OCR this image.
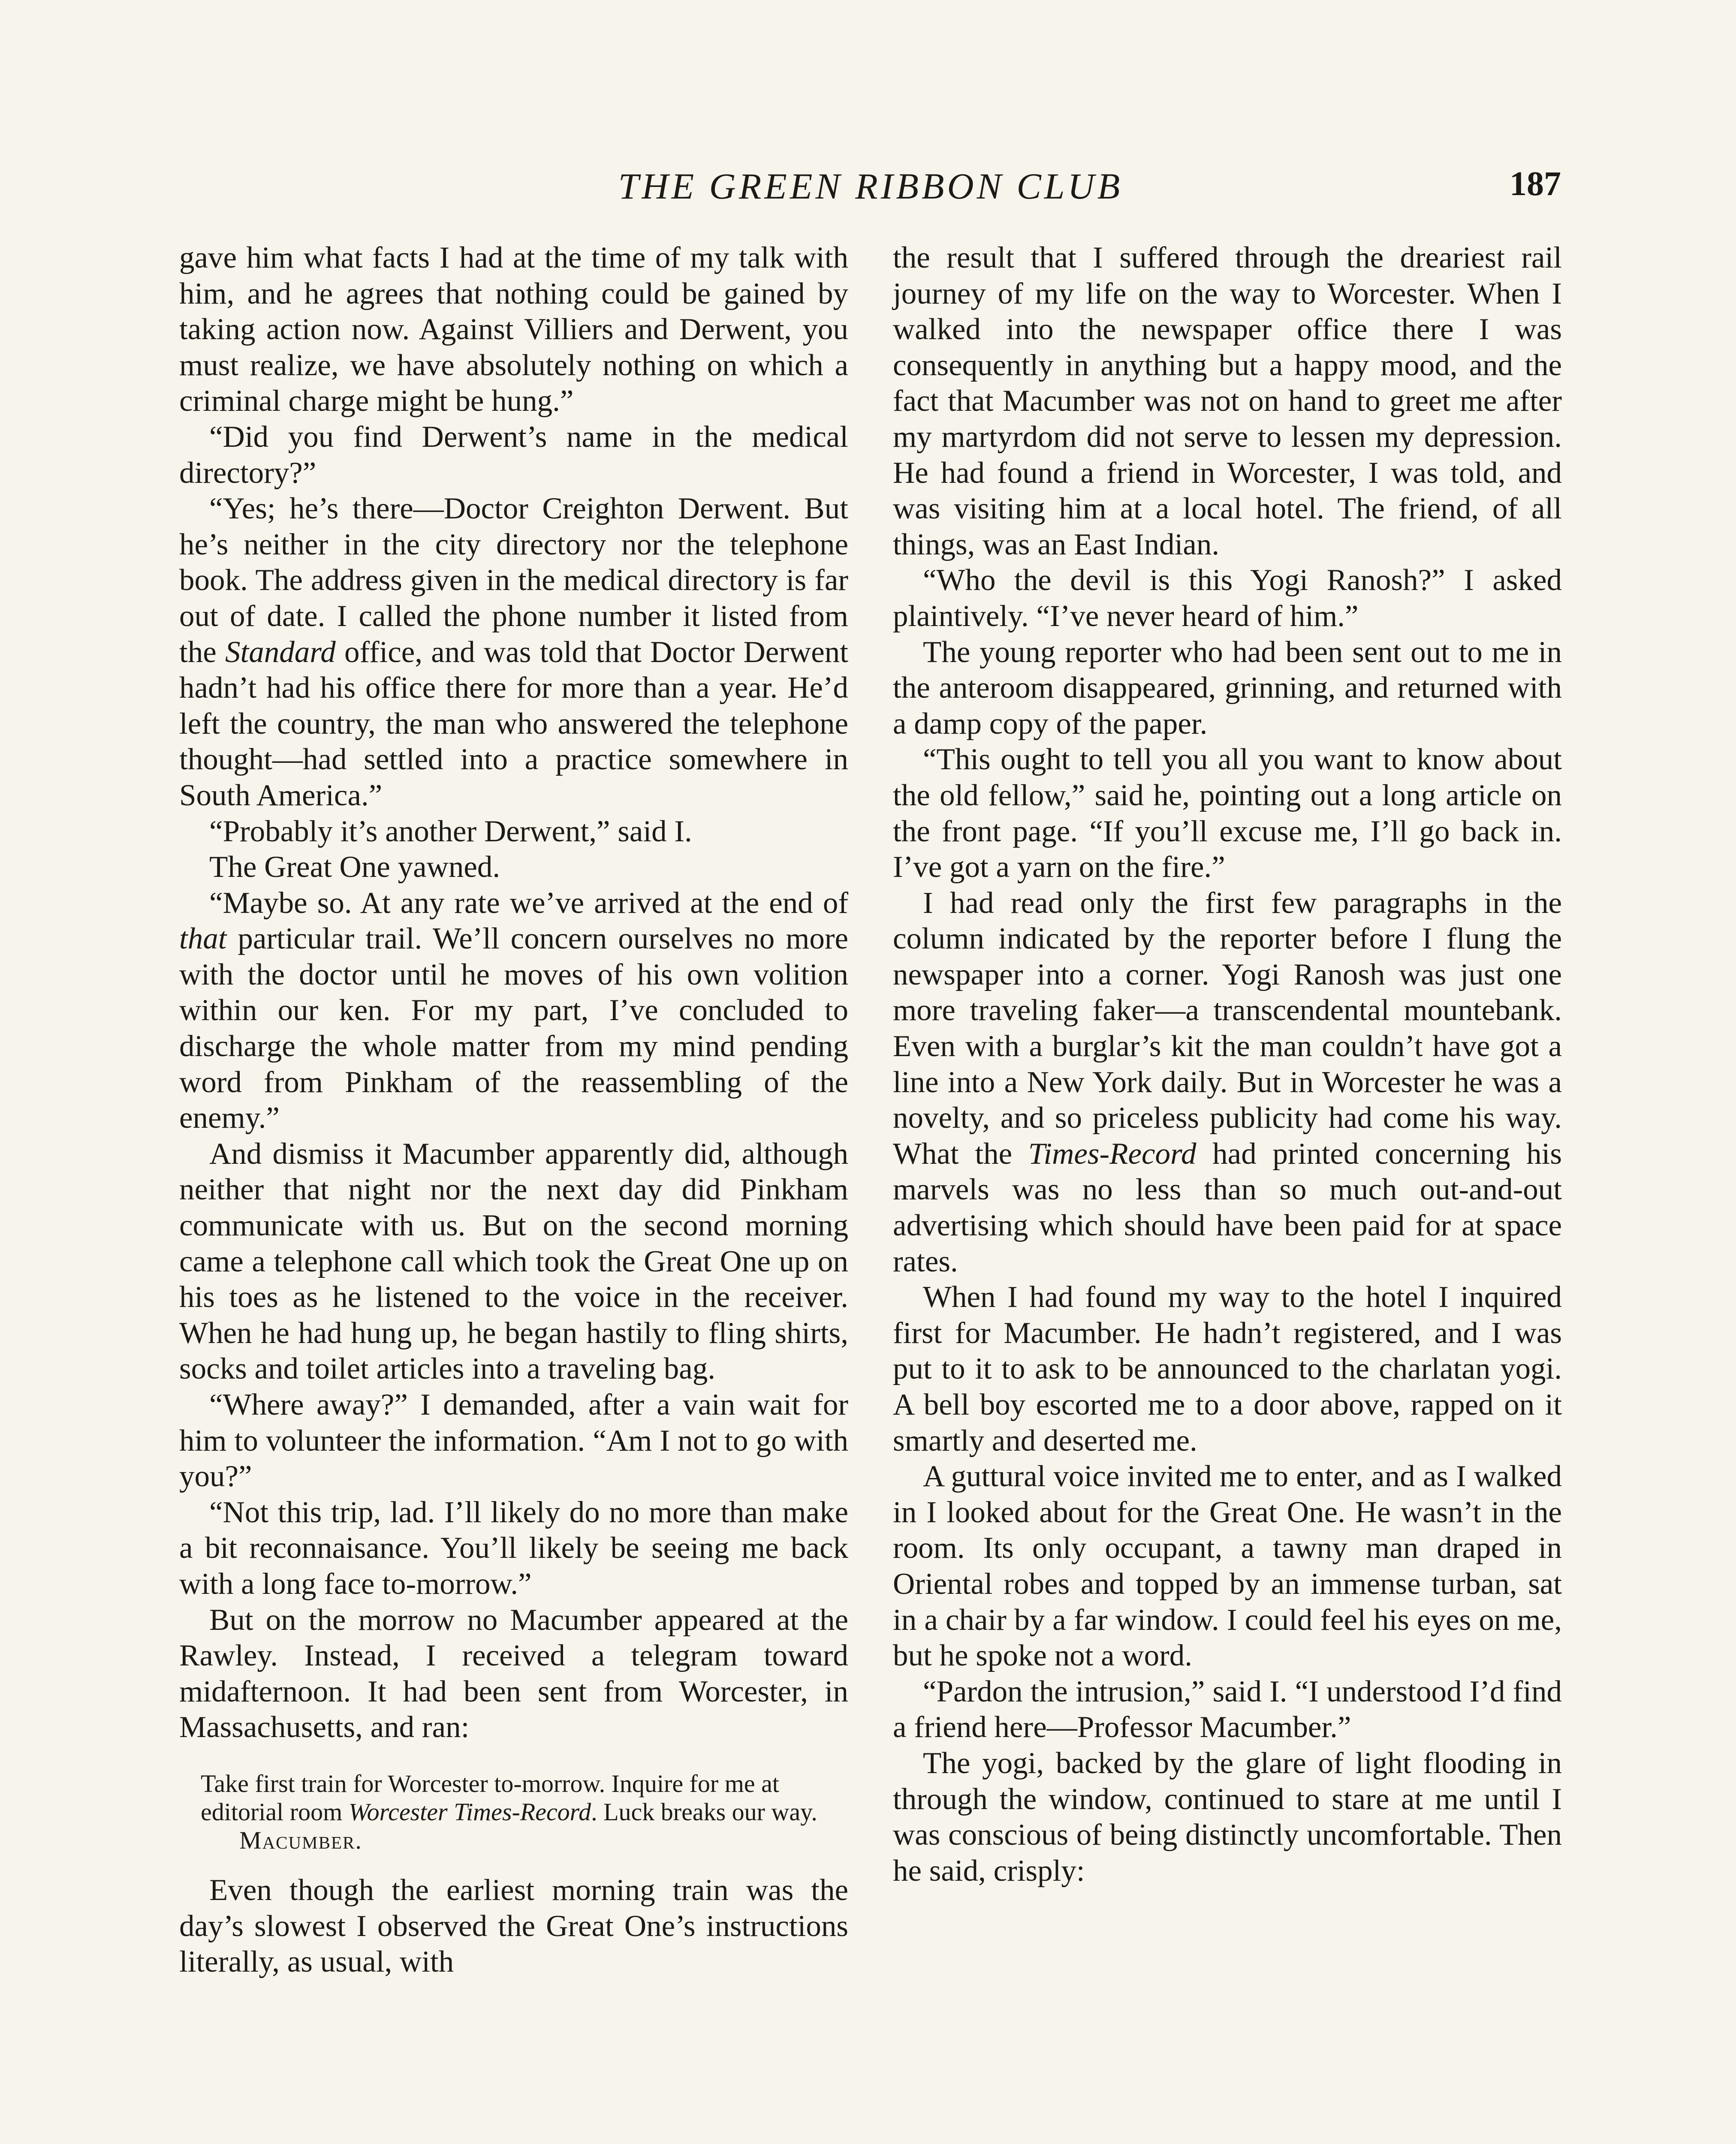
THE GREEN RIBBON CLUB	187

gave him what facts I had at the time of my talk with him, and he agrees that nothing could be gained by taking action now. Against Villiers and Derwent, you must realize, we have absolutely nothing on which a criminal charge might be hung.”

“Did you find Derwent’s name in the medical directory?”

“Yes; he’s there—Doctor Creighton Derwent. But he’s neither in the city directory nor the telephone book. The address given in the medical directory is far out of date. I called the phone number it listed from the Standard office, and was told that Doctor Derwent hadn’t had his office there for more than a year. He’d left the country, the man who answered the telephone thought—had settled into a practice somewhere in South America.”

“Probably it’s another Derwent,” said I.

The Great One yawned.

“Maybe so. At any rate we’ve arrived at the end of that particular trail. We’ll concern ourselves no more with the doctor until he moves of his own volition within our ken. For my part, I’ve concluded to discharge the whole matter from my mind pending word from Pinkham of the reassembling of the enemy.”

And dismiss it Macumber apparently did, although neither that night nor the next day did Pinkham communicate with us. But on the second morning came a telephone call which took the Great One up on his toes as he listened to the voice in the receiver. When he had hung up, he began hastily to fling shirts, socks and toilet articles into a traveling bag.

“Where away?” I demanded, after a vain wait for him to volunteer the information. “Am I not to go with you?”

“Not this trip, lad. I’ll likely do no more than make a bit reconnaisance. You’ll likely be seeing me back with a long face to-morrow.”

But on the morrow no Macumber appeared at the Rawley. Instead, I received a telegram toward midafternoon. It had been sent from Worcester, in Massachusetts, and ran:

Take first train for Worcester to-morrow. Inquire for me at editorial room Worcester Times-Record. Luck breaks our way. Macumber.

Even though the earliest morning train was the day’s slowest I observed the Great One’s instructions literally, as usual, with

the result that I suffered through the dreariest rail journey of my life on the way to Worcester. When I walked into the newspaper office there I was consequently in anything but a happy mood, and the fact that Macumber was not on hand to greet me after my martyrdom did not serve to lessen my depression. He had found a friend in Worcester, I was told, and was visiting him at a local hotel. The friend, of all things, was an East Indian.

“Who the devil is this Yogi Ranosh?” I asked plaintively. “I’ve never heard of him.”

The young reporter who had been sent out to me in the anteroom disappeared, grinning, and returned with a damp copy of the paper.

“This ought to tell you all you want to know about the old fellow,” said he, pointing out a long article on the front page. “If you’ll excuse me, I’ll go back in. I’ve got a yarn on the fire.”

I had read only the first few paragraphs in the column indicated by the reporter before I flung the newspaper into a corner. Yogi Ranosh was just one more traveling faker—a transcendental mountebank. Even with a burglar’s kit the man couldn’t have got a line into a New York daily. But in Worcester he was a novelty, and so priceless publicity had come his way. What the Times-Record had printed concerning his marvels was no less than so much out-and-out advertising which should have been paid for at space rates.

When I had found my way to the hotel I inquired first for Macumber. He hadn’t registered, and I was put to it to ask to be announced to the charlatan yogi. A bell boy escorted me to a door above, rapped on it smartly and deserted me.

A guttural voice invited me to enter, and as I walked in I looked about for the Great One. He wasn’t in the room. Its only occupant, a tawny man draped in Oriental robes and topped by an immense turban, sat in a chair by a far window. I could feel his eyes on me, but he spoke not a word.

“Pardon the intrusion,” said I. “I understood I’d find a friend here—Professor Macumber.”

The yogi, backed by the glare of light flooding in through the window, continued to stare at me until I was conscious of being distinctly uncomfortable. Then he said, crisply:
